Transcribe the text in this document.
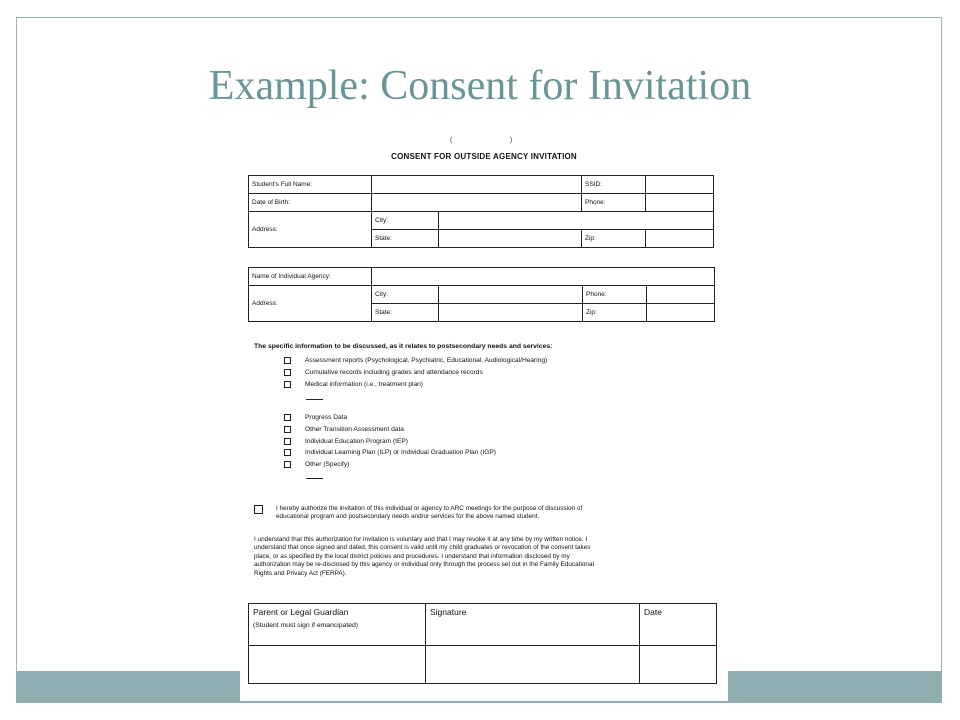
Example: Consent for Invitation
(	)
CONSENT FOR OUTSIDE AGENCY INVITATION
Student's Full Name:			SSID:	
Date of Birth:			Phone:	
Address:	City:			
	State:		Zip:	
Name of Individual Agency:				
Address:	City:		Phone:	
	State:		Zip:	
The specific information to be discussed, as it relates to postsecondary needs and services:
Assessment reports (Psychological, Psychiatric, Educational, Audiological/Hearing)
Cumulative records including grades and attendance records
Medical information (i.e., treatment plan)
Progress Data
Other Transition Assessment data
Individual Education Program (IEP)
Individual Learning Plan (ILP) or Individual Graduation Plan (IGP)
Other (Specify)
I hereby authorize the invitation of this individual or agency to ARC meetings for the purpose of discussion of
educational program and postsecondary needs and/or services for the above named student.
I understand that this authorization for invitation is voluntary and that I may revoke it at any time by my written notice. I
understand that once signed and dated, this consent is valid until my child graduates or revocation of the consent takes
place, or as specified by the local district policies and procedures. I understand that information disclosed by my
authorization may be re-disclosed by this agency or individual only through the process set out in the Family Educational
Rights and Privacy Act (FERPA).
Parent or Legal Guardian
(Student must sign if emancipated)	Signature	Date
